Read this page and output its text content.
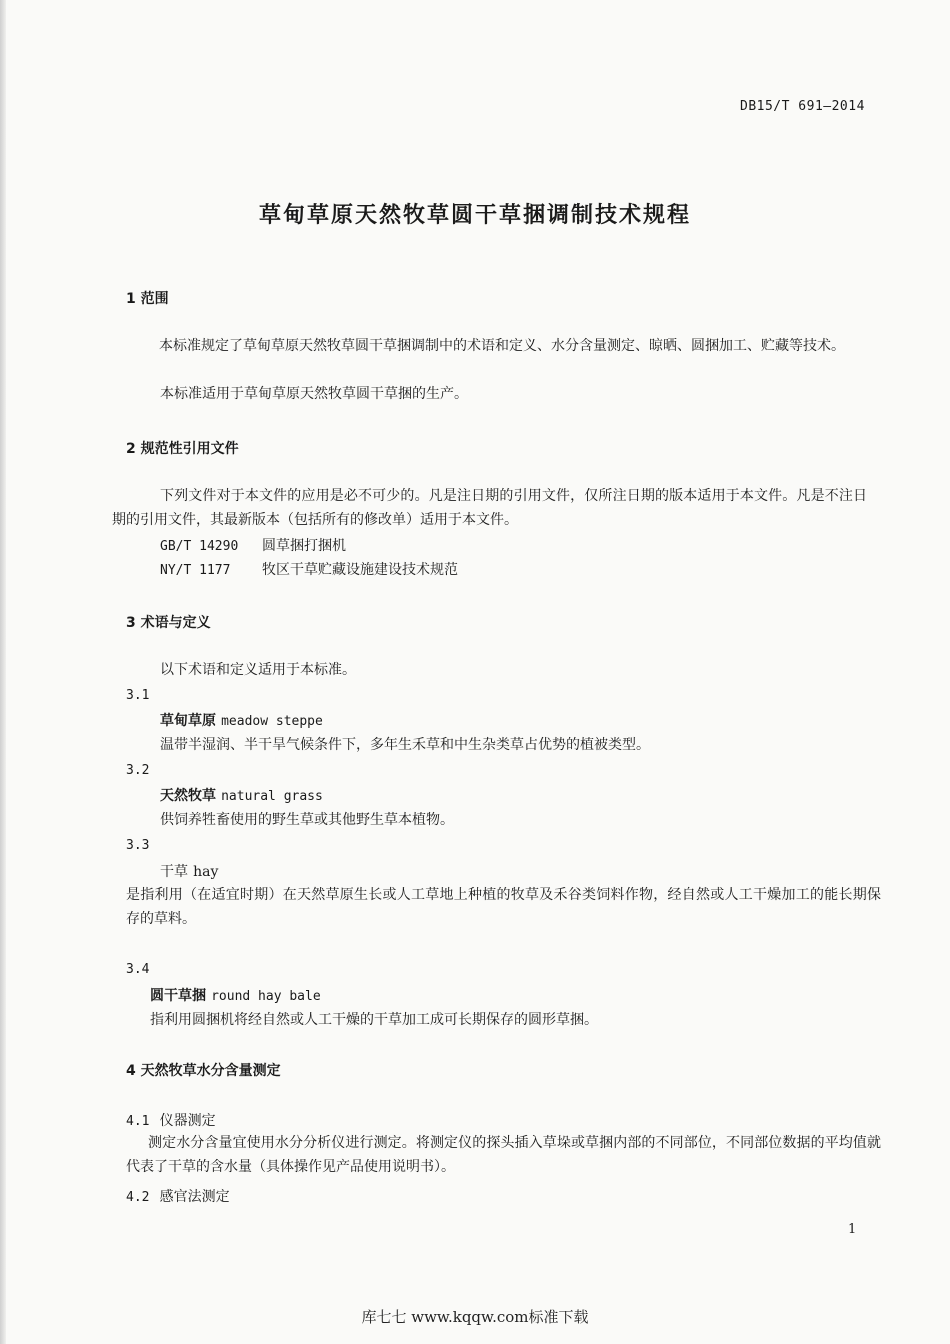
DB15/T 691—2014
草甸草原天然牧草圆干草捆调制技术规程
1 范围
本标准规定了草甸草原天然牧草圆干草捆调制中的术语和定义、水分含量测定、晾晒、圆捆加工、贮藏等技术。
本标准适用于草甸草原天然牧草圆干草捆的生产。
2 规范性引用文件
下列文件对于本文件的应用是必不可少的。凡是注日期的引用文件，仅所注日期的版本适用于本文件。凡是不注日期的引用文件，其最新版本（包括所有的修改单）适用于本文件。
GB/T 14290 圆草捆打捆机
NY/T 1177 牧区干草贮藏设施建设技术规范
3 术语与定义
以下术语和定义适用于本标准。
3.1
草甸草原 meadow steppe
温带半湿润、半干旱气候条件下，多年生禾草和中生杂类草占优势的植被类型。
3.2
天然牧草 natural grass
供饲养牲畜使用的野生草或其他野生草本植物。
3.3
干草 hay
是指利用（在适宜时期）在天然草原生长或人工草地上种植的牧草及禾谷类饲料作物，经自然或人工干燥加工的能长期保存的草料。
3.4
圆干草捆 round hay bale
指利用圆捆机将经自然或人工干燥的干草加工成可长期保存的圆形草捆。
4 天然牧草水分含量测定
4.1 仪器测定
测定水分含量宜使用水分分析仪进行测定。将测定仪的探头插入草垛或草捆内部的不同部位，不同部位数据的平均值就代表了干草的含水量（具体操作见产品使用说明书）。
4.2 感官法测定
1
库七七 www.kqqw.com标准下载
